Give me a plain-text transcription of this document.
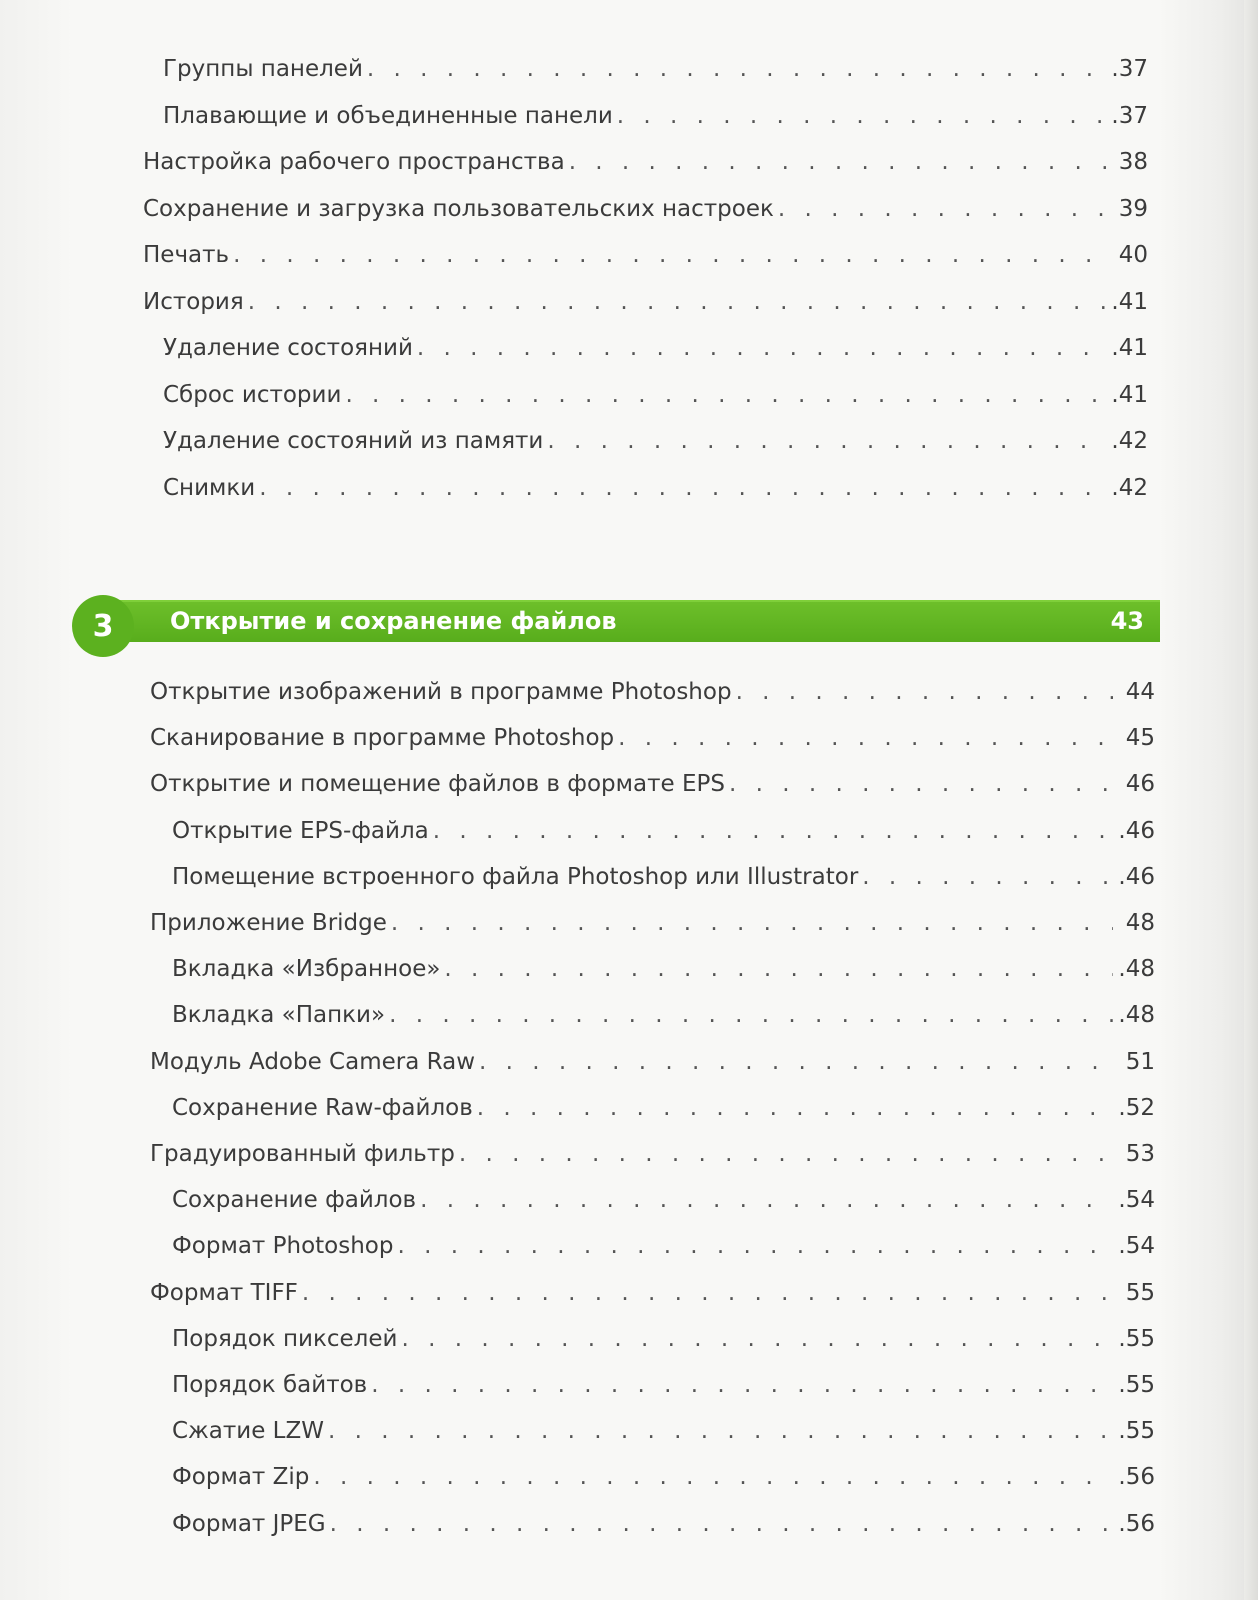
Группы панелей . . .	.37
Плавающие и объединенные панели . . .	.37
Настройка рабочего пространства . . .	38
Сохранение и загрузка пользовательских настроек . . .	39
Печать . . .	40
История . . .	.41
Удаление состояний . . .	.41
Сброс истории . . .	.41
Удаление состояний из памяти . . .	.42
Снимки . . .	.42
3 Открытие и сохранение файлов	43
Открытие изображений в программе Photoshop . . .	44
Сканирование в программе Photoshop . . .	45
Открытие и помещение файлов в формате EPS . . .	46
Открытие EPS-файла . . .	.46
Помещение встроенного файла Photoshop или Illustrator . . .	.46
Приложение Bridge . . .	48
Вкладка «Избранное» . . .	.48
Вкладка «Папки» . . .	.48
Модуль Adobe Camera Raw . . .	51
Сохранение Raw-файлов . . .	.52
Градуированный фильтр . . .	53
Сохранение файлов . . .	.54
Формат Photoshop . . .	.54
Формат TIFF . . .	55
Порядок пикселей . . .	.55
Порядок байтов . . .	.55
Сжатие LZW . . .	.55
Формат Zip . . .	.56
Формат JPEG . . .	.56
